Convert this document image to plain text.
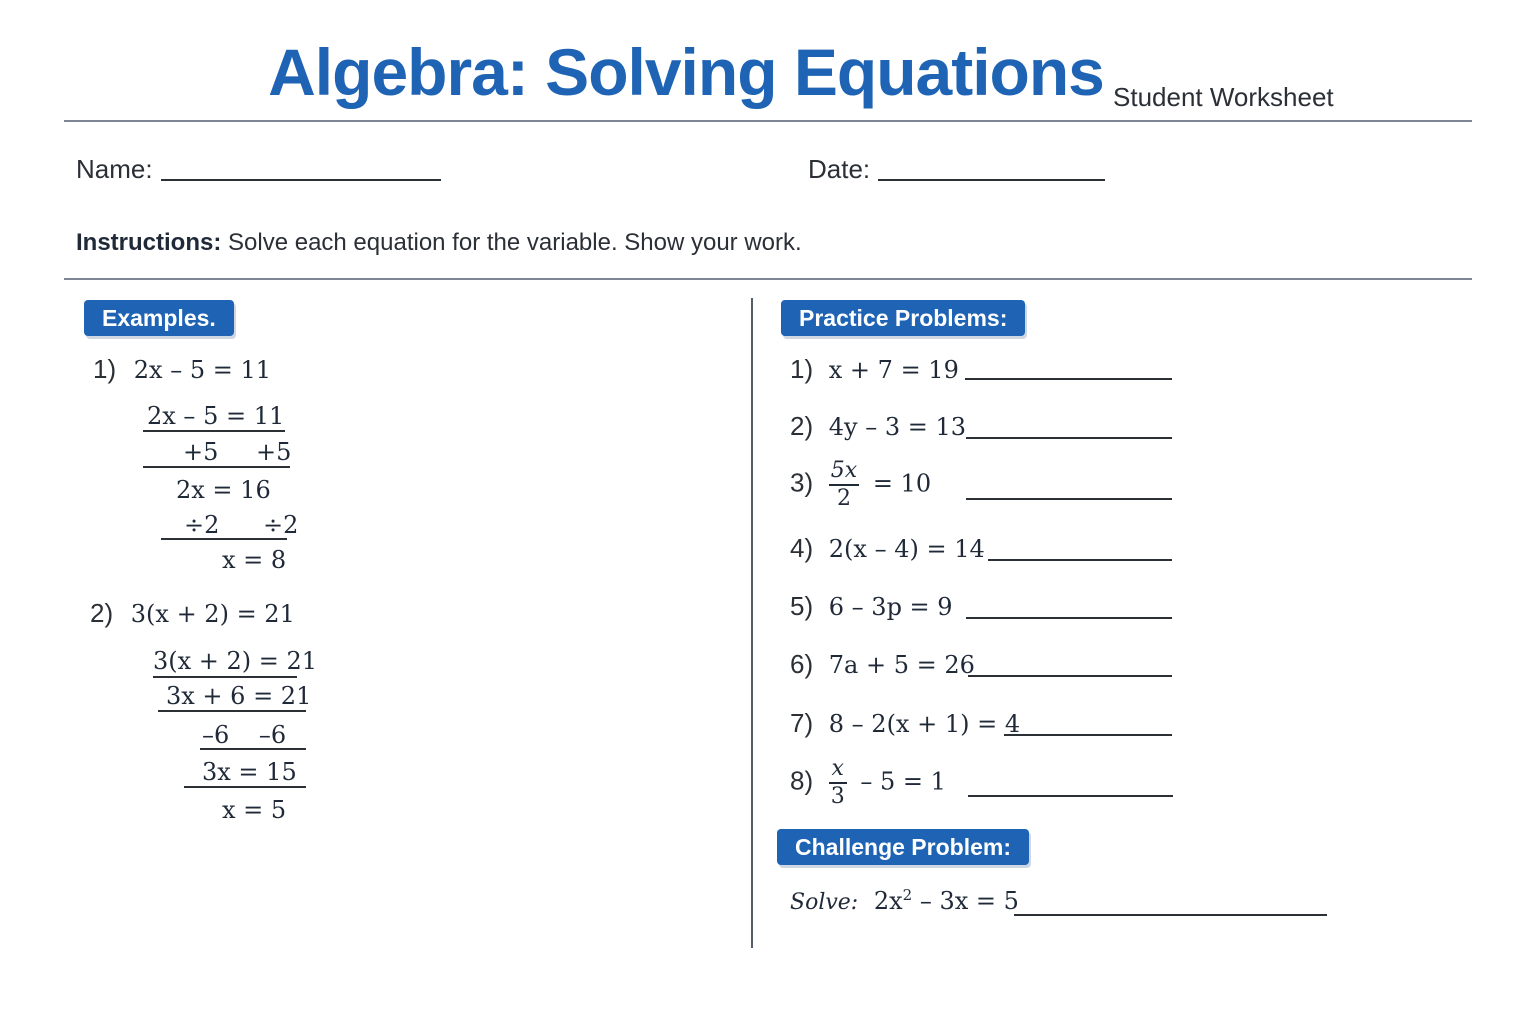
Algebra: Solving Equations Student Worksheet
Name:	Date:
Instructions: Solve each equation for the variable. Show your work.
Examples.
1) 2x – 5 = 11
2x – 5 = 11
+5 +5
2x = 16
÷2 ÷2
x = 8
2) 3(x + 2) = 21
3(x + 2) = 21
3x + 6 = 21
–6 –6
3x = 15
x = 5
Practice Problems:
1) x + 7 = 19
2) 4y – 3 = 13
$3) \frac{5x}{2} = 10$
4) 2(x – 4) = 14
5) 6 – 3p = 9
6) 7a + 5 = 26
7) 8 – 2(x + 1) = 4
$8) \frac{x}{3} - 5 = 1$
Challenge Problem:
Solve: $2x^2 - 3x = 5$
